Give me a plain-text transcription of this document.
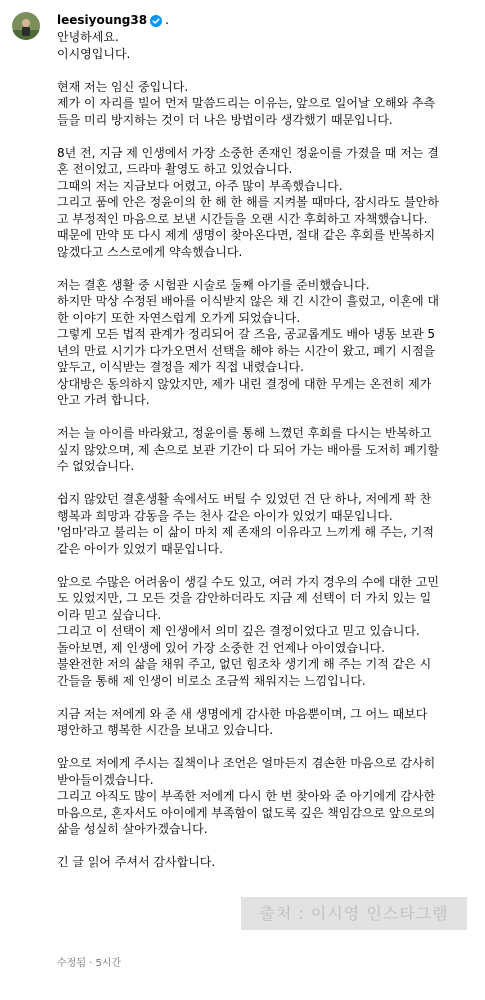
leesiyoung38 .

안녕하세요.

이시영입니다.

현재 저는 임신 중입니다.

제가 이 자리를 빌어 먼저 말씀드리는 이유는, 앞으로 일어날 오해와 추측

들을 미리 방지하는 것이 더 나은 방법이라 생각했기 때문입니다.

8년 전, 지금 제 인생에서 가장 소중한 존재인 정윤이를 가졌을 때 저는 결

혼 전이었고, 드라마 촬영도 하고 있었습니다.

그때의 저는 지금보다 어렸고, 아주 많이 부족했습니다.

그리고 품에 안은 정윤이의 한 해 한 해를 지켜볼 때마다, 잠시라도 불안하

고 부정적인 마음으로 보낸 시간들을 오랜 시간 후회하고 자책했습니다.

때문에 만약 또 다시 제게 생명이 찾아온다면, 절대 같은 후회를 반복하지

않겠다고 스스로에게 약속했습니다.

저는 결혼 생활 중 시험관 시술로 둘째 아기를 준비했습니다.

하지만 막상 수정된 배아를 이식받지 않은 채 긴 시간이 흘렀고, 이혼에 대

한 이야기 또한 자연스럽게 오가게 되었습니다.

그렇게 모든 법적 관계가 정리되어 갈 즈음, 공교롭게도 배아 냉동 보관 5

년의 만료 시기가 다가오면서 선택을 해야 하는 시간이 왔고, 폐기 시점을

앞두고, 이식받는 결정을 제가 직접 내렸습니다.

상대방은 동의하지 않았지만, 제가 내린 결정에 대한 무게는 온전히 제가

안고 가려 합니다.

저는 늘 아이를 바라왔고, 정윤이를 통해 느꼈던 후회를 다시는 반복하고

싶지 않았으며, 제 손으로 보관 기간이 다 되어 가는 배아를 도저히 폐기할

수 없었습니다.

쉽지 않았던 결혼생활 속에서도 버틸 수 있었던 건 단 하나, 저에게 꽉 찬

행복과 희망과 감동을 주는 천사 같은 아이가 있었기 때문입니다.

'엄마'라고 불리는 이 삶이 마치 제 존재의 이유라고 느끼게 해 주는, 기적

같은 아이가 있었기 때문입니다.

앞으로 수많은 어려움이 생길 수도 있고, 여러 가지 경우의 수에 대한 고민

도 있었지만, 그 모든 것을 감안하더라도 지금 제 선택이 더 가치 있는 일

이라 믿고 싶습니다.

그리고 이 선택이 제 인생에서 의미 깊은 결정이었다고 믿고 있습니다.

돌아보면, 제 인생에 있어 가장 소중한 건 언제나 아이였습니다.

불완전한 저의 삶을 채워 주고, 없던 힘조차 생기게 해 주는 기적 같은 시

간들을 통해 제 인생이 비로소 조금씩 채워지는 느낌입니다.

지금 저는 저에게 와 준 새 생명에게 감사한 마음뿐이며, 그 어느 때보다

평안하고 행복한 시간을 보내고 있습니다.

앞으로 저에게 주시는 질책이나 조언은 얼마든지 겸손한 마음으로 감사히

받아들이겠습니다.

그리고 아직도 많이 부족한 저에게 다시 한 번 찾아와 준 아기에게 감사한

마음으로, 혼자서도 아이에게 부족함이 없도록 깊은 책임감으로 앞으로의

삶을 성실히 살아가겠습니다.

긴 글 읽어 주셔서 감사합니다.

출처 : 이시영 인스타그램
수정됨 · 5시간
